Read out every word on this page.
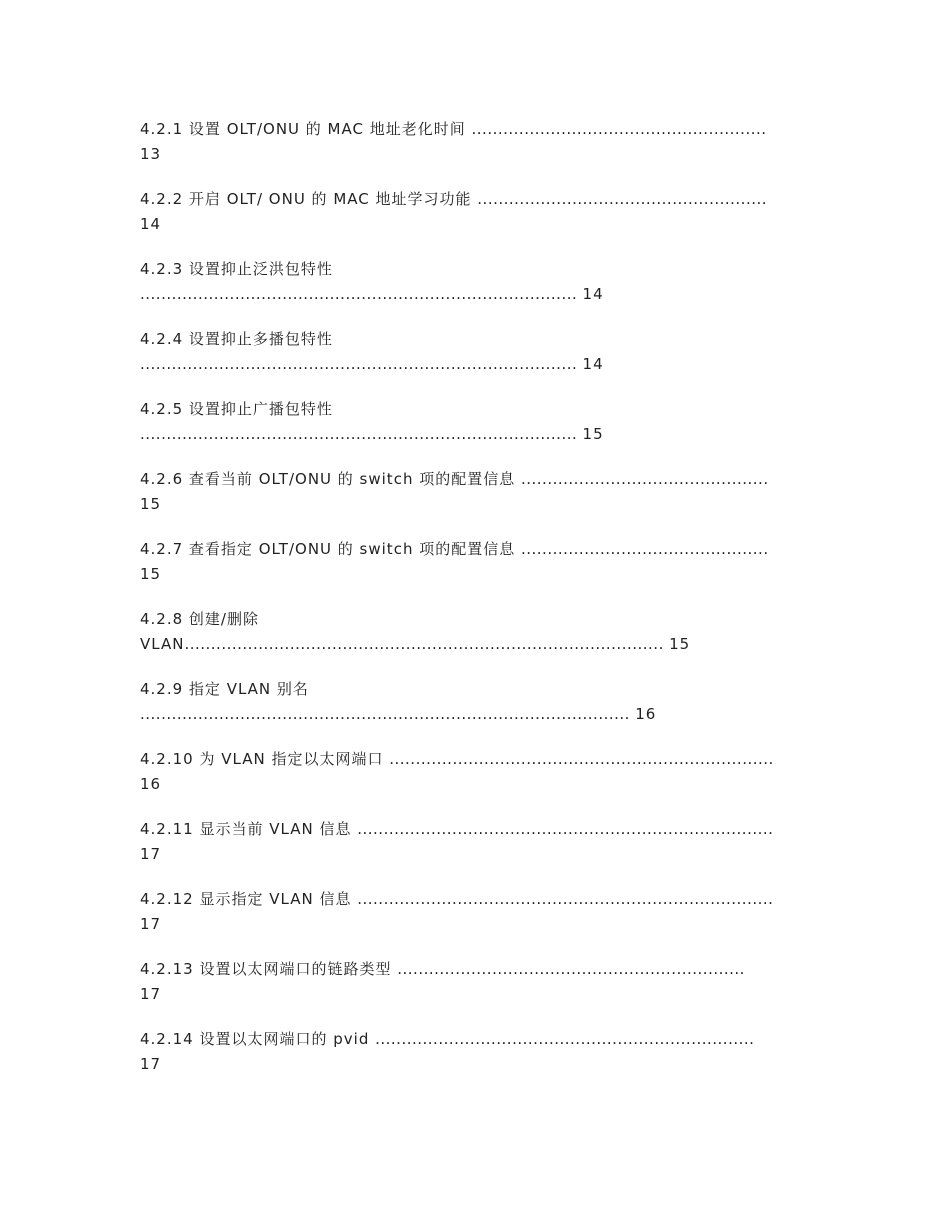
4.2.1 设置 OLT/ONU 的 MAC 地址老化时间 ........................................................
13
4.2.2 开启 OLT/ ONU 的 MAC 地址学习功能 .......................................................
14
4.2.3 设置抑止泛洪包特性
................................................................................... 14
4.2.4 设置抑止多播包特性
................................................................................... 14
4.2.5 设置抑止广播包特性
................................................................................... 15
4.2.6 查看当前 OLT/ONU 的 switch 项的配置信息 ...............................................
15
4.2.7 查看指定 OLT/ONU 的 switch 项的配置信息 ...............................................
15
4.2.8 创建/删除
VLAN........................................................................................... 15
4.2.9 指定 VLAN 别名
............................................................................................. 16
4.2.10 为 VLAN 指定以太网端口 .........................................................................
16
4.2.11 显示当前 VLAN 信息 ...............................................................................
17
4.2.12 显示指定 VLAN 信息 ...............................................................................
17
4.2.13 设置以太网端口的链路类型 ..................................................................
17
4.2.14 设置以太网端口的 pvid ........................................................................
17
